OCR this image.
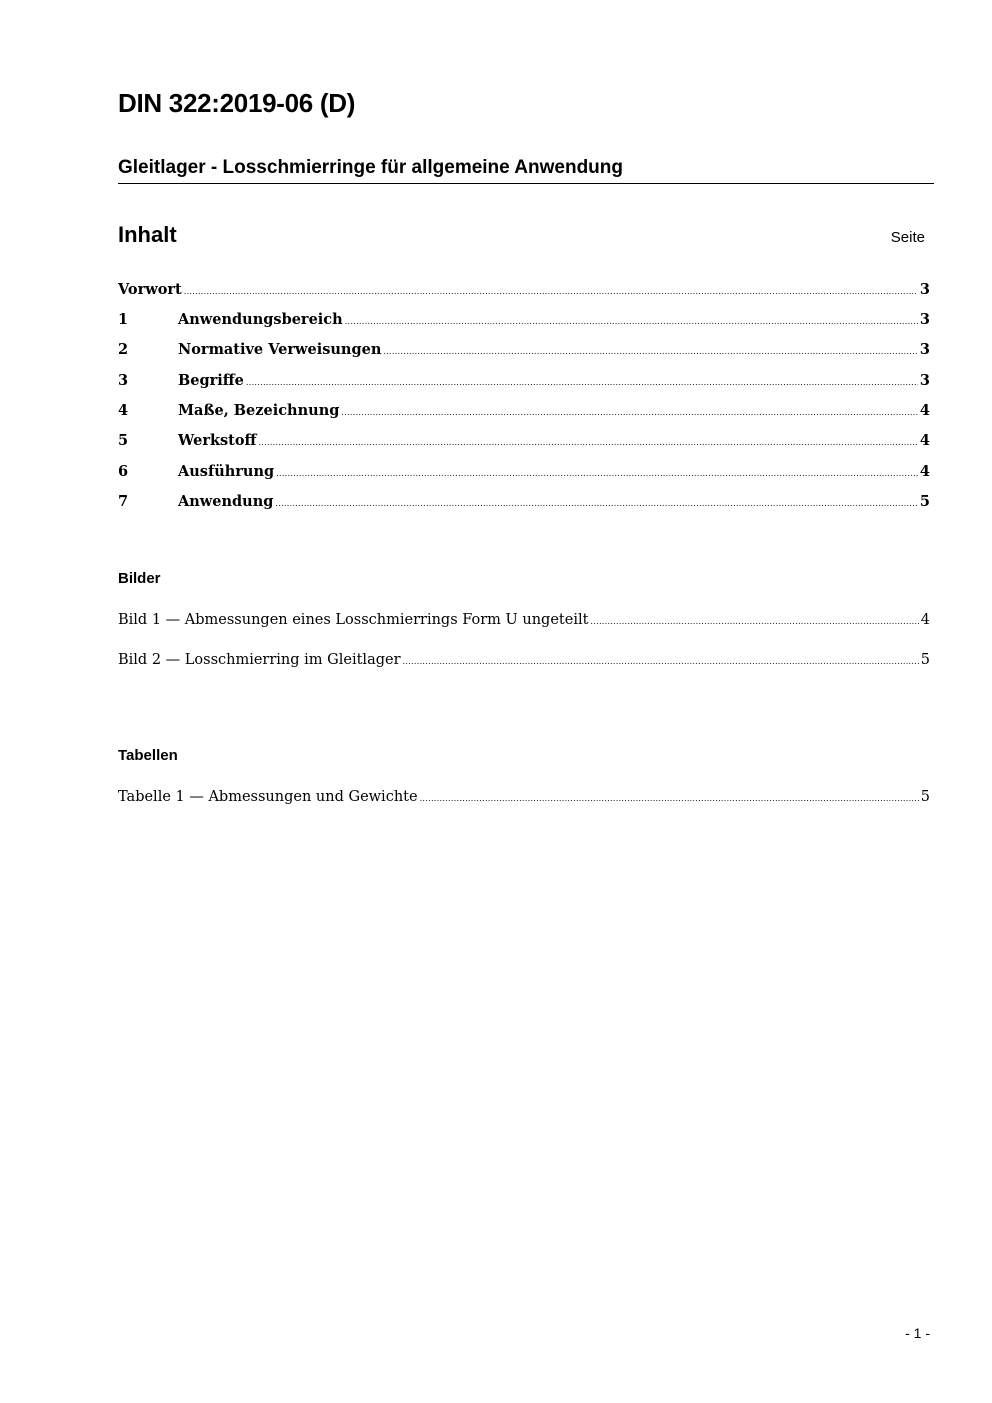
DIN 322:2019-06 (D)
Gleitlager - Losschmierringe für allgemeine Anwendung
Inhalt	Seite
Vorwort .....	3
1	Anwendungsbereich .....	3
2	Normative Verweisungen .....	3
3	Begriffe .....	3
4	Maße, Bezeichnung .....	4
5	Werkstoff .....	4
6	Ausführung .....	4
7	Anwendung .....	5
Bilder
Bild 1 — Abmessungen eines Losschmierrings Form U ungeteilt .....	4
Bild 2 — Losschmierring im Gleitlager .....	5
Tabellen
Tabelle 1 — Abmessungen und Gewichte .....	5
- 1 -
